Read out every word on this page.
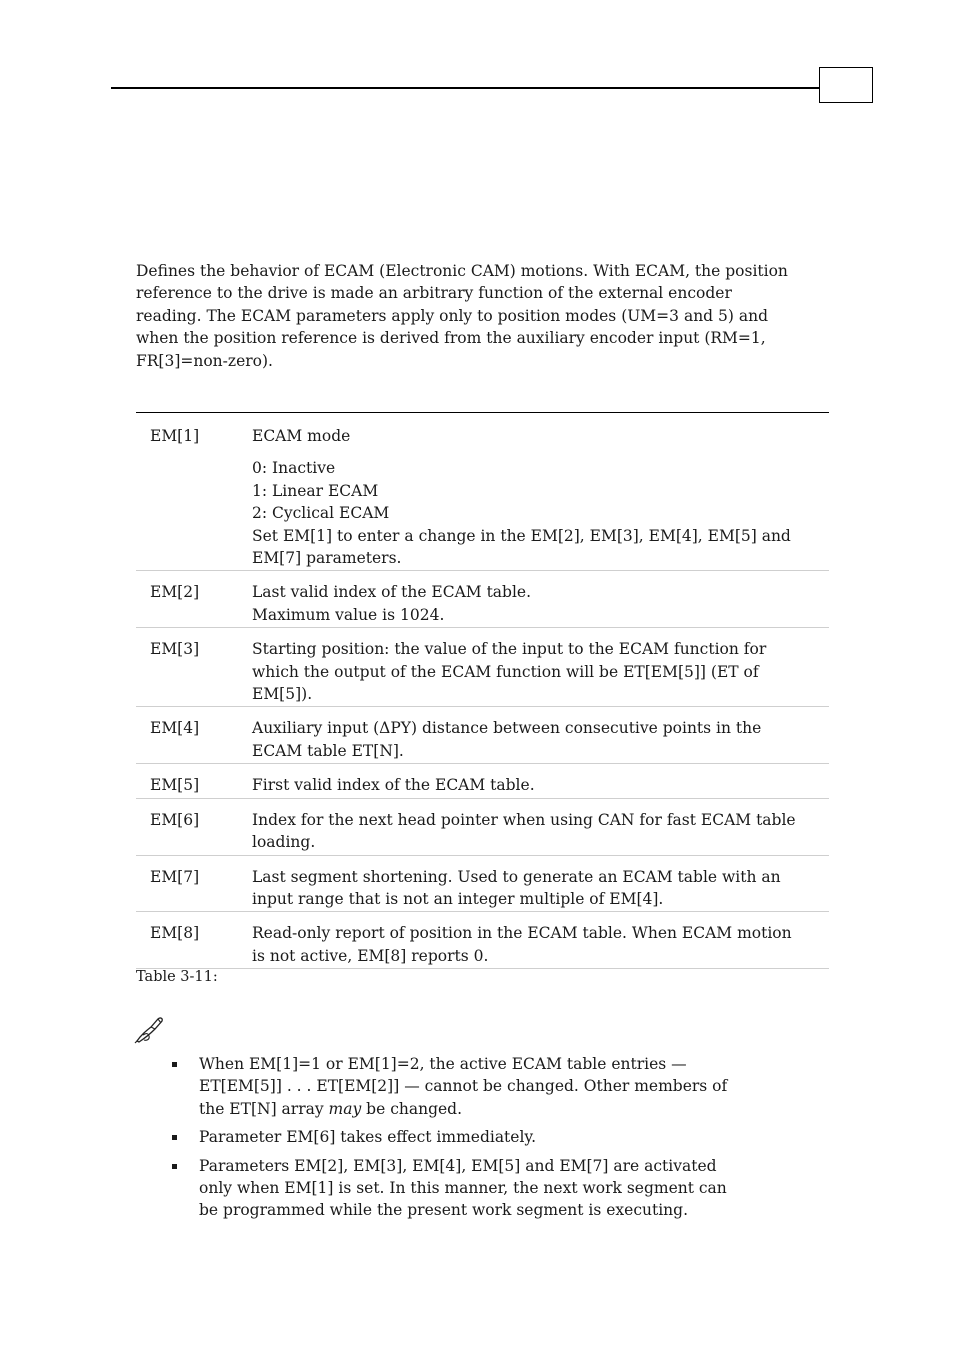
Defines the behavior of ECAM (Electronic CAM) motions. With ECAM, the position reference to the drive is made an arbitrary function of the external encoder reading. The ECAM parameters apply only to position modes (UM=3 and 5) and when the position reference is derived from the auxiliary encoder input (RM=1, FR[3]=non-zero).

EM[1]	ECAM mode
0: Inactive
1: Linear ECAM
2: Cyclical ECAM
Set EM[1] to enter a change in the EM[2], EM[3], EM[4], EM[5] and EM[7] parameters.
EM[2]	Last valid index of the ECAM table.
Maximum value is 1024.
EM[3]	Starting position: the value of the input to the ECAM function for which the output of the ECAM function will be ET[EM[5]] (ET of EM[5]).
EM[4]	Auxiliary input (ΔPY) distance between consecutive points in the ECAM table ET[N].
EM[5]	First valid index of the ECAM table.
EM[6]	Index for the next head pointer when using CAN for fast ECAM table loading.
EM[7]	Last segment shortening. Used to generate an ECAM table with an input range that is not an integer multiple of EM[4].
EM[8]	Read-only report of position in the ECAM table. When ECAM motion is not active, EM[8] reports 0.
Table 3-11:
When EM[1]=1 or EM[1]=2, the active ECAM table entries — ET[EM[5]] . . . ET[EM[2]] — cannot be changed. Other members of the ET[N] array may be changed.
Parameter EM[6] takes effect immediately.
Parameters EM[2], EM[3], EM[4], EM[5] and EM[7] are activated only when EM[1] is set. In this manner, the next work segment can be programmed while the present work segment is executing.
